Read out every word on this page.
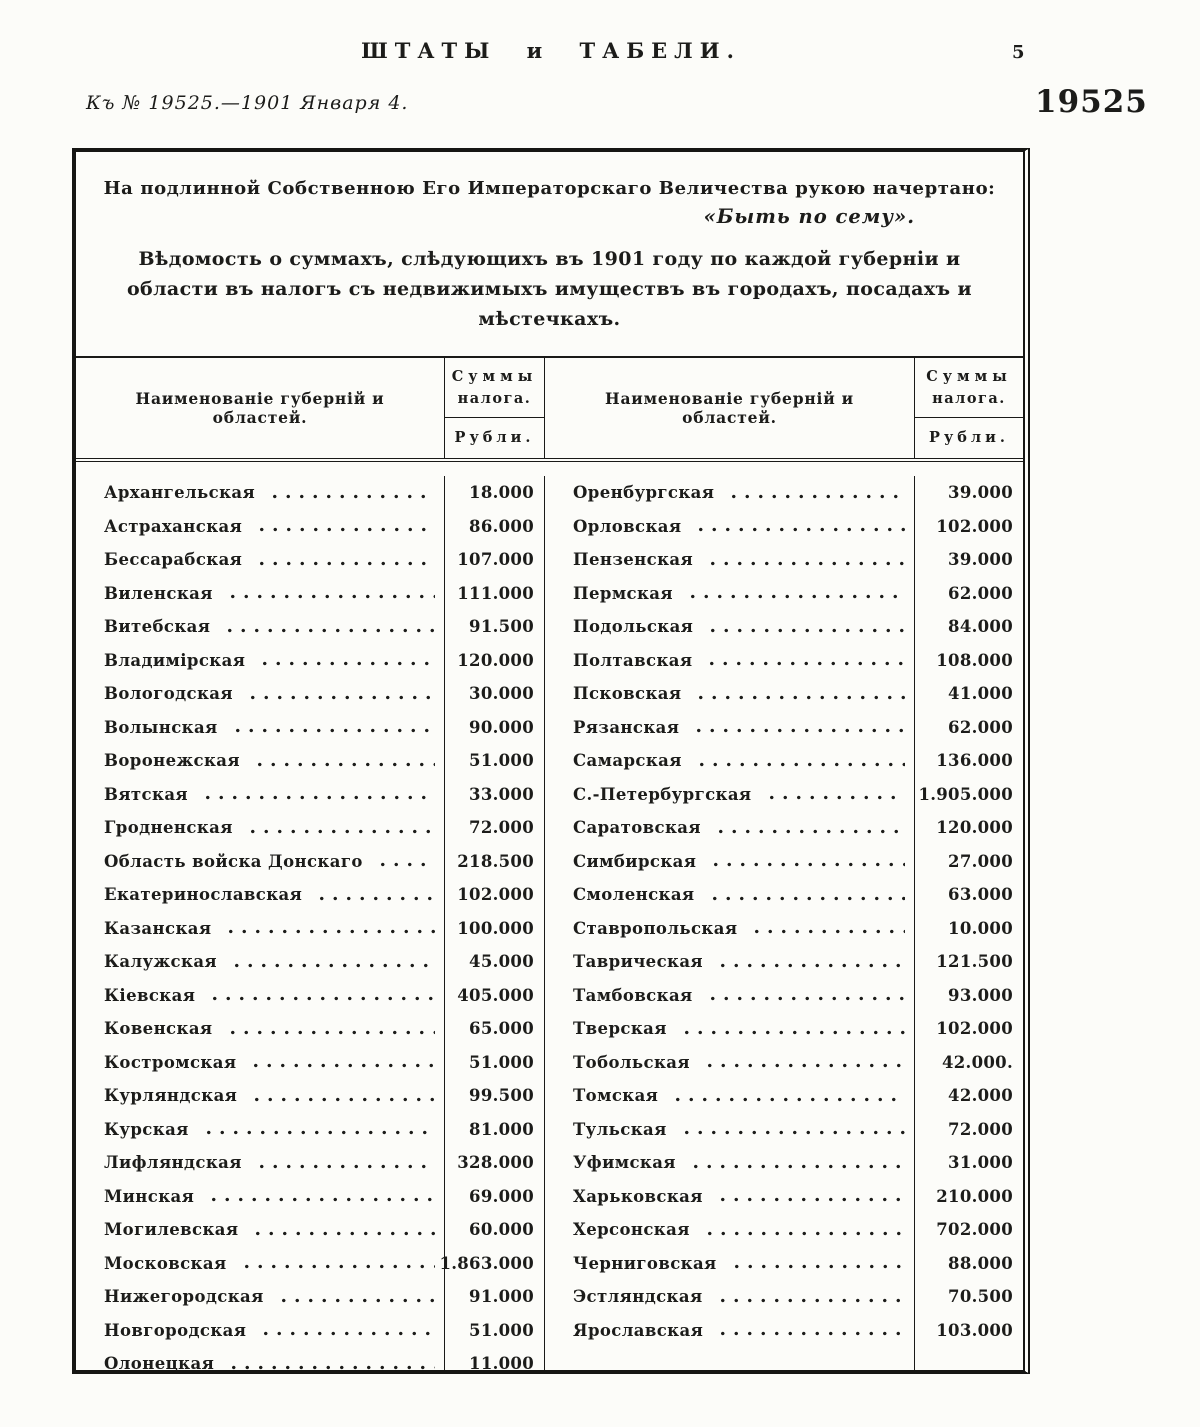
ШТАТЫ и ТАБЕЛИ.	5
Къ № 19525.—1901 Января 4.	19525
На подлинной Собственною Его Императорскаго Величества рукою начертано:
«Быть по сему».
Вѣдомость о суммахъ, слѣдующихъ въ 1901 году по каждой губерніи и области въ налогъ съ недвижимыхъ имуществъ въ городахъ, посадахъ и мѣстечкахъ.
Наименованіе губерній и областей.
Суммы
налога.
Рубли.
Наименованіе губерній и областей.
Суммы
налога.
Рубли.
Архангельская
Астраханская
Бессарабская
Виленская
Витебская
Владимірская
Вологодская
Волынская
Воронежская
Вятская
Гродненская
Область войска Донскаго
Екатеринославская
Казанская
Калужская
Кіевская
Ковенская
Костромская
Курляндская
Курская
Лифляндская
Минская
Могилевская
Московская
Нижегородская
Новгородская
Олонецкая
18.000
86.000
107.000
111.000
91.500
120.000
30.000
90.000
51.000
33.000
72.000
218.500
102.000
100.000
45.000
405.000
65.000
51.000
99.500
81.000
328.000
69.000
60.000
1.863.000
91.000
51.000
11.000
Оренбургская
Орловская
Пензенская
Пермская
Подольская
Полтавская
Псковская
Рязанская
Самарская
С.-Петербургская
Саратовская
Симбирская
Смоленская
Ставропольская
Таврическая
Тамбовская
Тверская
Тобольская
Томская
Тульская
Уфимская
Харьковская
Херсонская
Черниговская
Эстляндская
Ярославская
39.000
102.000
39.000
62.000
84.000
108.000
41.000
62.000
136.000
1.905.000
120.000
27.000
63.000
10.000
121.500
93.000
102.000
42.000.
42.000
72.000
31.000
210.000
702.000
88.000
70.500
103.000
